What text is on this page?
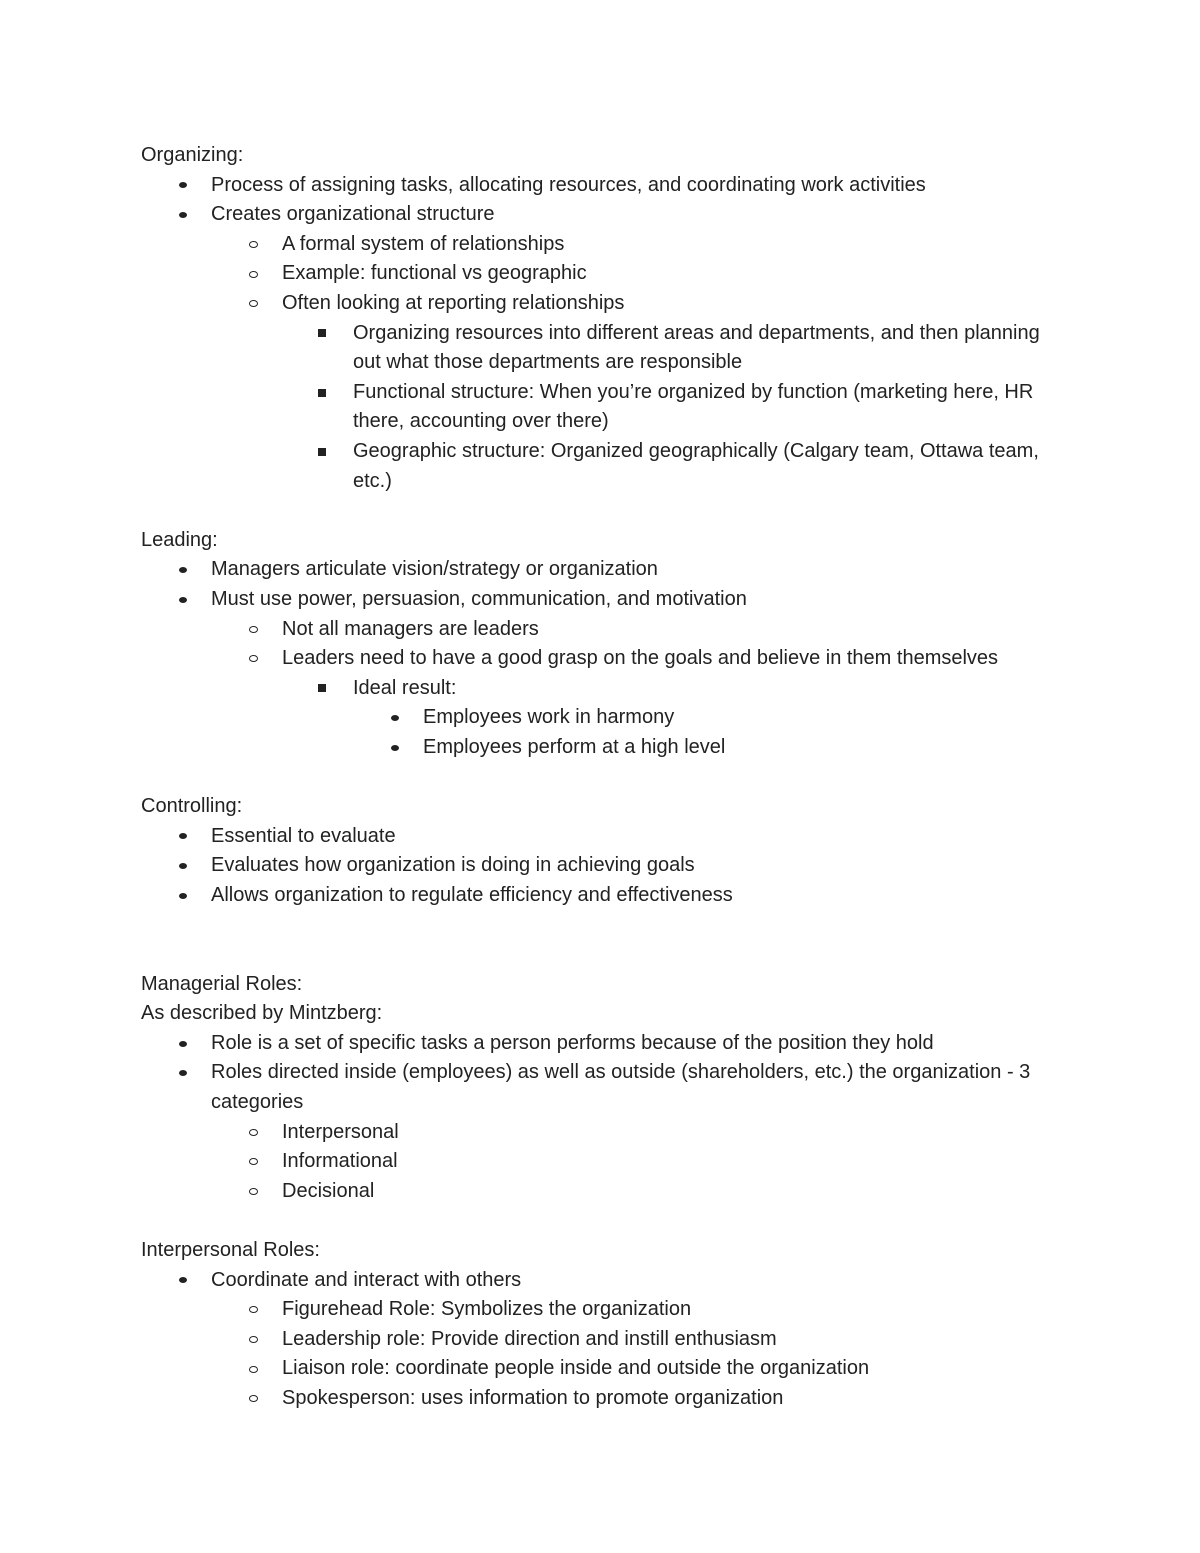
Organizing:

Process of assigning tasks, allocating resources, and coordinating work activities
Creates organizational structure
A formal system of relationships
Example: functional vs geographic
Often looking at reporting relationships
Organizing resources into different areas and departments, and then planning out what those departments are responsible
Functional structure: When you’re organized by function (marketing here, HR there, accounting over there)
Geographic structure: Organized geographically (Calgary team, Ottawa team, etc.)

Leading:

Managers articulate vision/strategy or organization
Must use power, persuasion, communication, and motivation
Not all managers are leaders
Leaders need to have a good grasp on the goals and believe in them themselves
Ideal result:
Employees work in harmony
Employees perform at a high level

Controlling:

Essential to evaluate
Evaluates how organization is doing in achieving goals
Allows organization to regulate efficiency and effectiveness

Managerial Roles:

As described by Mintzberg:

Role is a set of specific tasks a person performs because of the position they hold
Roles directed inside (employees) as well as outside (shareholders, etc.) the organization - 3 categories
Interpersonal
Informational
Decisional

Interpersonal Roles:

Coordinate and interact with others
Figurehead Role: Symbolizes the organization
Leadership role: Provide direction and instill enthusiasm
Liaison role: coordinate people inside and outside the organization
Spokesperson: uses information to promote organization
